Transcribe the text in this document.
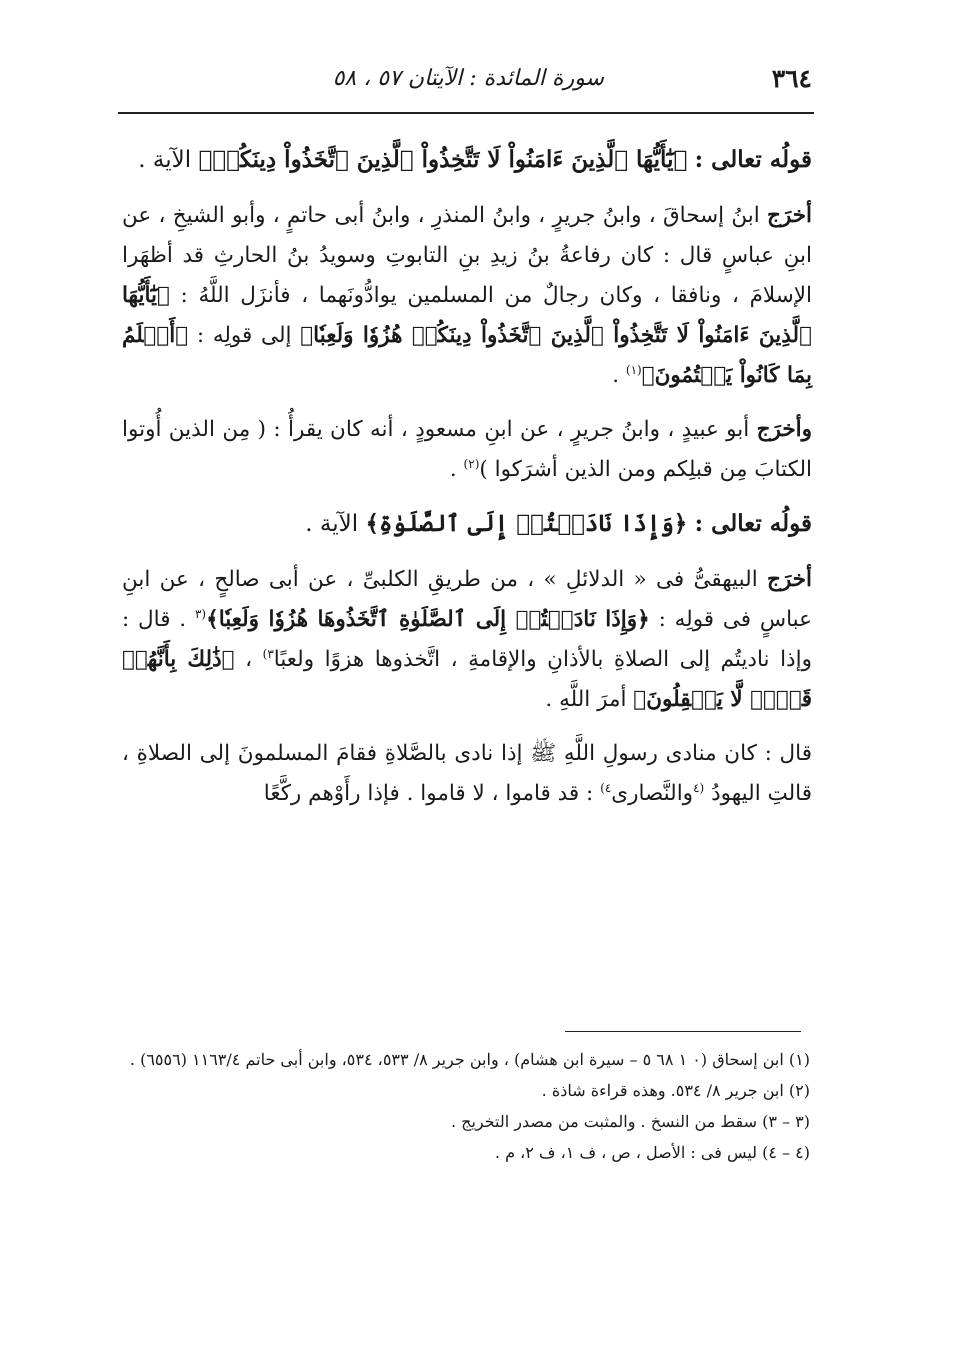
٣٦٤
سورة المائدة : الآيتان ٥٧ ، ٥٨

قولُه تعالى : ﴿يَٰٓأَيُّهَا ٱلَّذِينَ ءَامَنُواْ لَا تَتَّخِذُواْ ٱلَّذِينَ ٱتَّخَذُواْ دِينَكُمۡ﴾ الآية .

أخرَج ابنُ إسحاقَ ، وابنُ جريرٍ ، وابنُ المنذرِ ، وابنُ أبى حاتمٍ ، وأبو الشيخِ ، عن ابنِ عباسٍ قال : كان رفاعةُ بنُ زيدِ بنِ التابوتِ وسويدُ بنُ الحارثِ قد أظهَرا الإسلامَ ، ونافقا ، وكان رجالٌ من المسلمين يوادُّونَهما ، فأنزَل اللَّهُ : ﴿يَٰٓأَيُّهَا ٱلَّذِينَ ءَامَنُواْ لَا تَتَّخِذُواْ ٱلَّذِينَ ٱتَّخَذُواْ دِينَكُمۡ هُزُوٗا وَلَعِبٗا﴾ إلى قولِه : ﴿أَعۡلَمُ بِمَا كَانُواْ يَكۡتُمُونَ﴾$^{(١)}$ .

وأخرَج أبو عبيدٍ ، وابنُ جريرٍ ، عن ابنِ مسعودٍ ، أنه كان يقرأُ : ( مِن الذين أُوتوا الكتابَ مِن قبلِكم ومن الذين أشرَكوا )$^{(٢)}$ .

قولُه تعالى : ﴿وَإِذَا نَادَيۡتُمۡ إِلَى ٱلصَّلَوٰةِ﴾ الآية .

أخرَج البيهقىُّ فى « الدلائلِ » ، من طريقِ الكلبىِّ ، عن أبى صالحٍ ، عن ابنِ عباسٍ فى قولِه : ﴿وَإِذَا نَادَيۡتُمۡ إِلَى ٱلصَّلَوٰةِ ٱتَّخَذُوهَا هُزُوٗا وَلَعِبٗا﴾$^{(٣}$ . قال : وإذا ناديتُم إلى الصلاةِ بالأذانِ والإقامةِ ، اتَّخذوها هزوًا ولعبًا$^{٣)}$ ، ﴿ذَٰلِكَ بِأَنَّهُمۡ قَوۡمٞ لَّا يَعۡقِلُونَ﴾ أمرَ اللَّهِ .

قال : كان منادى رسولِ اللَّهِ ﷺ إذا نادى بالصَّلاةِ فقامَ المسلمونَ إلى الصلاةِ ، قالتِ اليهودُ $^{(٤}$والنَّصارى$^{٤)}$ : قد قاموا ، لا قاموا . فإذا رأَوْهم ركَّعًا

(١) ابن إسحاق (٠ ١ ٦٨ ٥ – سيرة ابن هشام) ، وابن جرير ٨/ ٥٣٣، ٥٣٤، وابن أبى حاتم ١١٦٣/٤ (٦٥٥٦) .

(٢) ابن جرير ٨/ ٥٣٤. وهذه قراءة شاذة .

(٣ – ٣) سقط من النسخ . والمثبت من مصدر التخريج .

(٤ – ٤) ليس فى : الأصل ، ص ، ف ١، ف ٢، م .
